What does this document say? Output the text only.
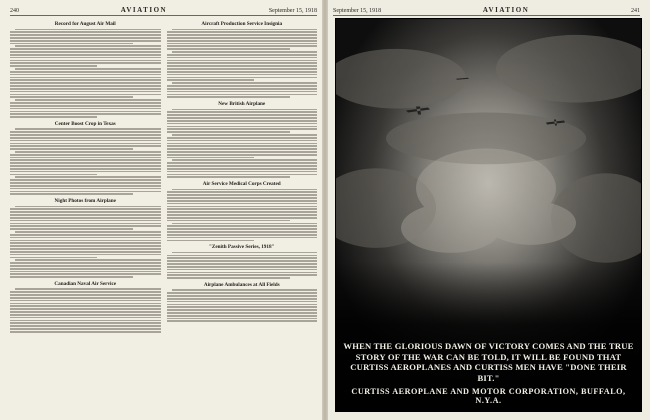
240	AVIATION	September 15, 1918
Record for August Air Mail
Center Boost Crop in Texas
Night Photos from Airplane
Canadian Naval Air Service
Aircraft Production Service Insignia
New British Airplane
Air Service Medical Corps Created
"Zenith Passive Series, 1918"
Airplane Ambulances at All Fields
September 15, 1918	AVIATION	241
WHEN THE GLORIOUS DAWN OF VICTORY COMES AND THE TRUE STORY OF THE WAR CAN BE TOLD, IT WILL BE FOUND THAT CURTISS AEROPLANES AND CURTISS MEN HAVE "DONE THEIR BIT."
CURTISS AEROPLANE AND MOTOR CORPORATION, BUFFALO, N.Y.A.
